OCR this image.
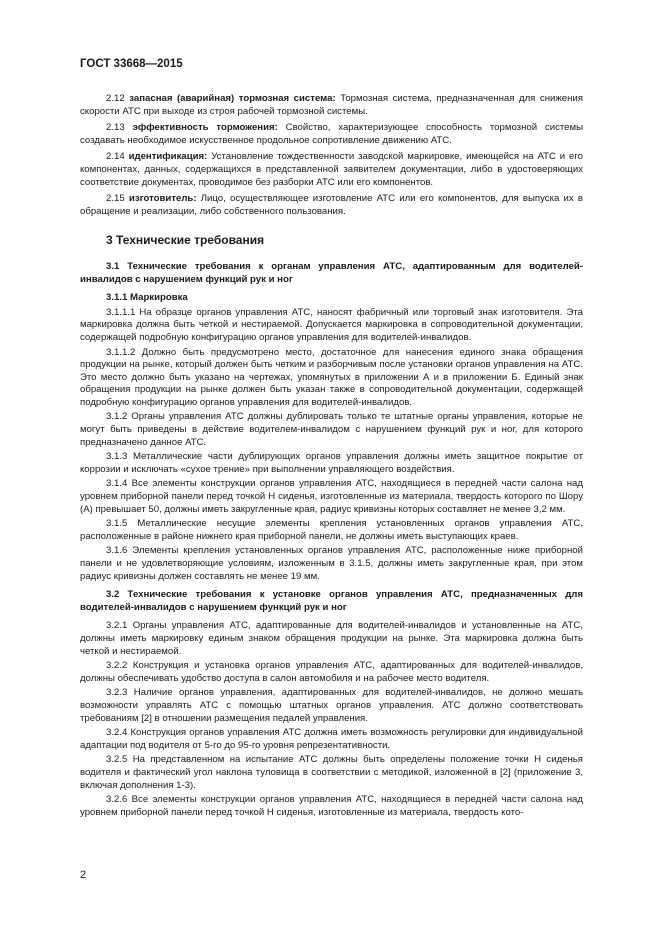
ГОСТ 33668—2015

2.12 запасная (аварийная) тормозная система: Тормозная система, предназначенная для снижения скорости АТС при выходе из строя рабочей тормозной системы.

2.13 эффективность торможения: Свойство, характеризующее способность тормозной системы создавать необходимое искусственное продольное сопротивление движению АТС.

2.14 идентификация: Установление тождественности заводской маркировке, имеющейся на АТС и его компонентах, данных, содержащихся в представленной заявителем документации, либо в удостоверяющих соответствие документах, проводимое без разборки АТС или его компонентов.

2.15 изготовитель: Лицо, осуществляющее изготовление АТС или его компонентов, для выпуска их в обращение и реализации, либо собственного пользования.

3 Технические требования
3.1 Технические требования к органам управления АТС, адаптированным для водителей-инвалидов с нарушением функций рук и ног
3.1.1 Маркировка

3.1.1.1 На образце органов управления АТС, наносят фабричный или торговый знак изготовителя. Эта маркировка должна быть четкой и нестираемой. Допускается маркировка в сопроводительной документации, содержащей подробную конфигурацию органов управления для водителей-инвалидов.

3.1.1.2 Должно быть предусмотрено место, достаточное для нанесения единого знака обращения продукции на рынке, который должен быть четким и разборчивым после установки органов управления на АТС. Это место должно быть указано на чертежах, упомянутых в приложении А и в приложении Б. Единый знак обращения продукции на рынке должен быть указан также в сопроводительной документации, содержащей подробную конфигурацию органов управления для водителей-инвалидов.

3.1.2 Органы управления АТС должны дублировать только те штатные органы управления, которые не могут быть приведены в действие водителем-инвалидом с нарушением функций рук и ног, для которого предназначено данное АТС.

3.1.3 Металлические части дублирующих органов управления должны иметь защитное покрытие от коррозии и исключать «сухое трение» при выполнении управляющего воздействия.

3.1.4 Все элементы конструкции органов управления АТС, находящиеся в передней части салона над уровнем приборной панели перед точкой H сиденья, изготовленные из материала, твердость которого по Шору (А) превышает 50, должны иметь закругленные края, радиус кривизны которых составляет не менее 3,2 мм.

3.1.5 Металлические несущие элементы крепления установленных органов управления АТС, расположенные в районе нижнего края приборной панели, не должны иметь выступающих краев.

3.1.6 Элементы крепления установленных органов управления АТС, расположенные ниже приборной панели и не удовлетворяющие условиям, изложенным в 3.1.5, должны иметь закругленные края, при этом радиус кривизны должен составлять не менее 19 мм.

3.2 Технические требования к установке органов управления АТС, предназначенных для водителей-инвалидов с нарушением функций рук и ног

3.2.1 Органы управления АТС, адаптированные для водителей-инвалидов и установленные на АТС, должны иметь маркировку единым знаком обращения продукции на рынке. Эта маркировка должна быть четкой и нестираемой.

3.2.2 Конструкция и установка органов управления АТС, адаптированных для водителей-инвалидов, должны обеспечивать удобство доступа в салон автомобиля и на рабочее место водителя.

3.2.3 Наличие органов управления, адаптированных для водителей-инвалидов, не должно мешать возможности управлять АТС с помощью штатных органов управления. АТС должно соответствовать требованиям [2] в отношении размещения педалей управления.

3.2.4 Конструкция органов управления АТС должна иметь возможность регулировки для индивидуальной адаптации под водителя от 5-го до 95-го уровня репрезентативности.

3.2.5 На представленном на испытание АТС должны быть определены положение точки H сиденья водителя и фактический угол наклона туловища в соответствии с методикой, изложенной в [2] (приложение 3, включая дополнения 1-3).

3.2.6 Все элементы конструкции органов управления АТС, находящиеся в передней части салона над уровнем приборной панели перед точкой H сиденья, изготовленные из материала, твердость кото-

2
